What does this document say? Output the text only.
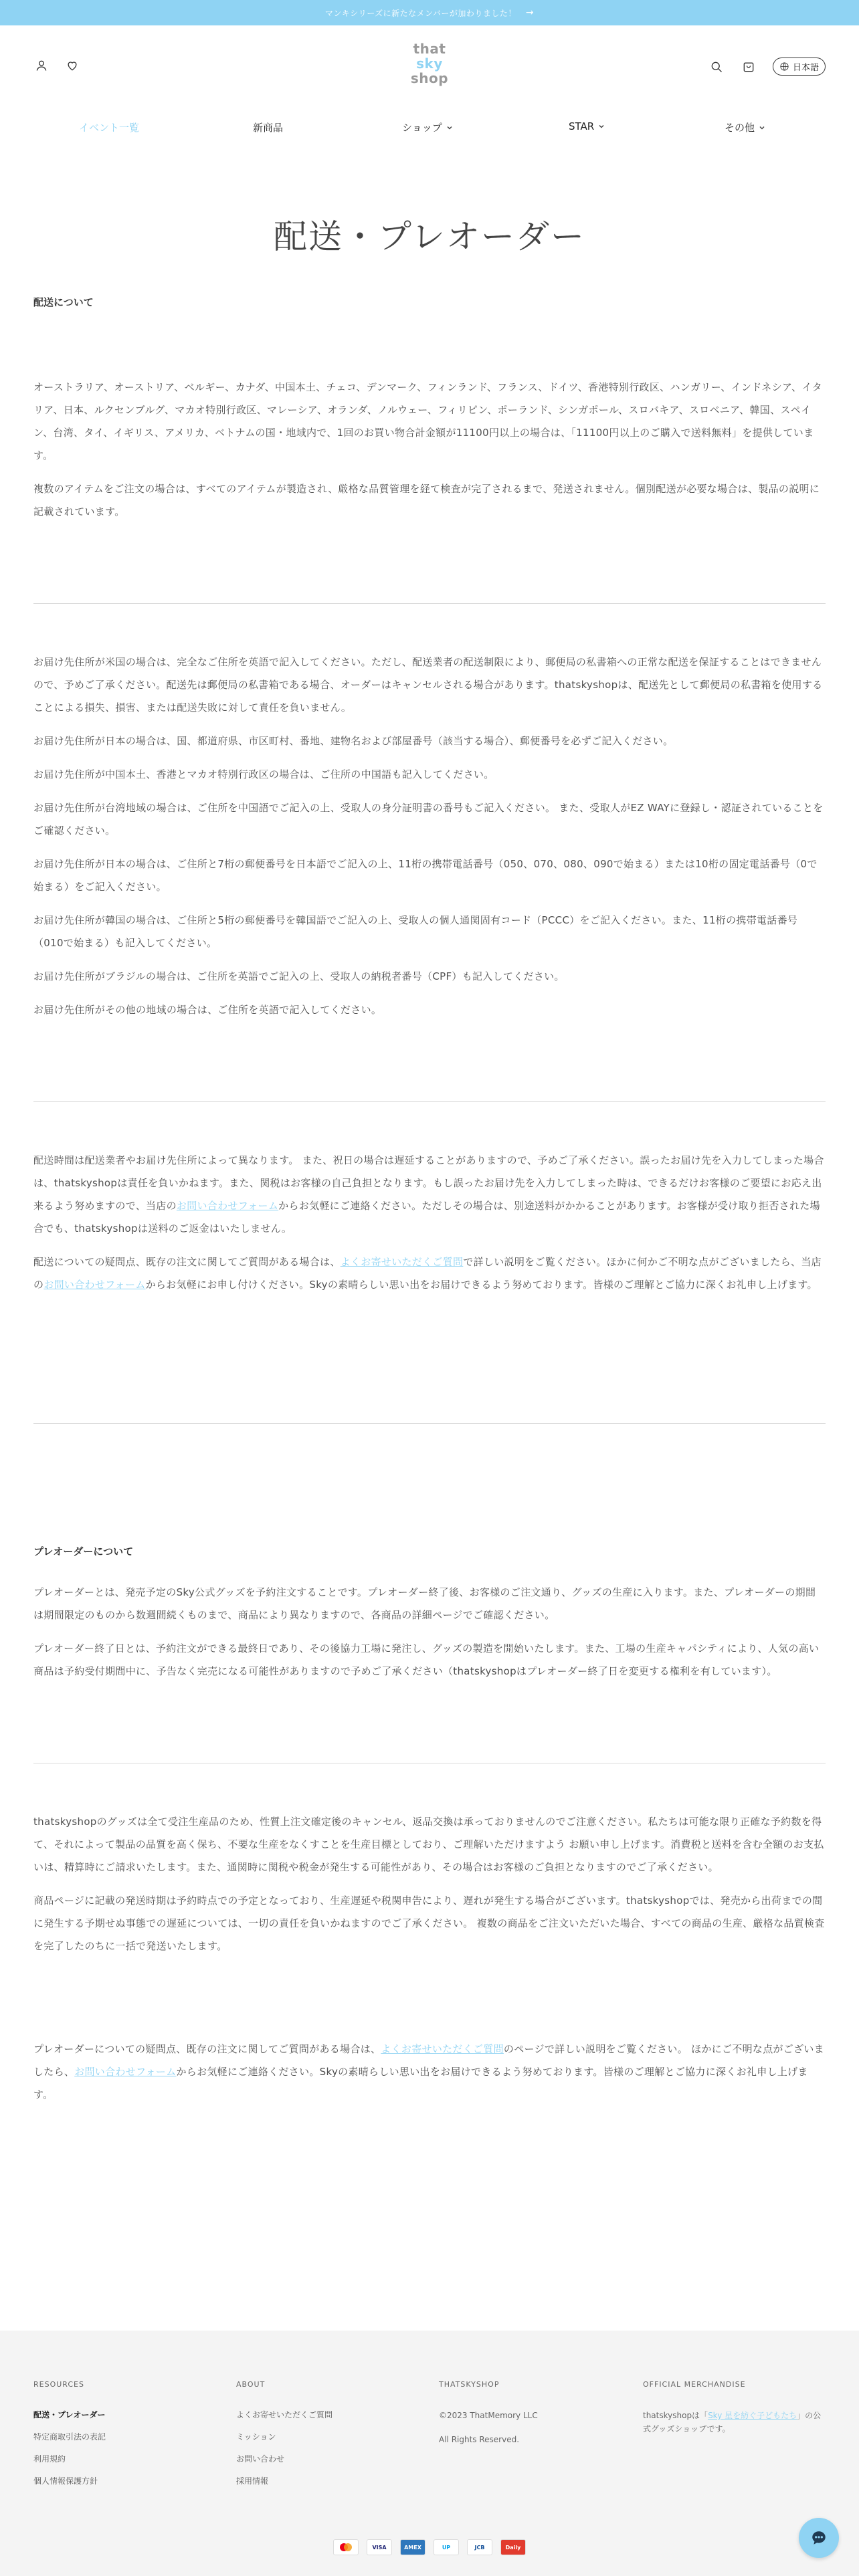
マンキシリーズに新たなメンバーが加わりました！ →
that
sky
shop
日本語
イベント一覧	新商品	ショップ	STAR	その他
配送・プレオーダー
配送について

オーストラリア、オーストリア、ベルギー、カナダ、中国本土、チェコ、デンマーク、フィンランド、フランス、ドイツ、香港特別行政区、ハンガリー、インドネシア、イタリア、日本、ルクセンブルグ、マカオ特別行政区、マレーシア、オランダ、ノルウェー、フィリピン、ポーランド、シンガポール、スロバキア、スロベニア、韓国、スペイン、台湾、タイ、イギリス、アメリカ、ベトナムの国・地域内で、1回のお買い物合計金額が11100円以上の場合は、「11100円以上のご購入で送料無料」を提供しています。

複数のアイテムをご注文の場合は、すべてのアイテムが製造され、厳格な品質管理を経て検査が完了されるまで、発送されません。個別配送が必要な場合は、製品の説明に記載されています。

お届け先住所が米国の場合は、完全なご住所を英語で記入してください。ただし、配送業者の配送制限により、郵便局の私書箱への正常な配送を保証することはできませんので、予めご了承ください。配送先は郵便局の私書箱である場合、オーダーはキャンセルされる場合があります。thatskyshopは、配送先として郵便局の私書箱を使用することによる損失、損害、または配送失敗に対して責任を負いません。

お届け先住所が日本の場合は、国、都道府県、市区町村、番地、建物名および部屋番号（該当する場合）、郵便番号を必ずご記入ください。

お届け先住所が中国本土、香港とマカオ特別行政区の場合は、ご住所の中国語も記入してください。

お届け先住所が台湾地域の場合は、ご住所を中国語でご記入の上、受取人の身分証明書の番号もご記入ください。 また、受取人がEZ WAYに登録し・認証されていることをご確認ください。

お届け先住所が日本の場合は、ご住所と7桁の郵便番号を日本語でご記入の上、11桁の携帯電話番号（050、070、080、090で始まる）または10桁の固定電話番号（0で始まる）をご記入ください。

お届け先住所が韓国の場合は、ご住所と5桁の郵便番号を韓国語でご記入の上、受取人の個人通関固有コード（PCCC）をご記入ください。また、11桁の携帯電話番号（010で始まる）も記入してください。

お届け先住所がブラジルの場合は、ご住所を英語でご記入の上、受取人の納税者番号（CPF）も記入してください。

お届け先住所がその他の地域の場合は、ご住所を英語で記入してください。

配送時間は配送業者やお届け先住所によって異なります。 また、祝日の場合は遅延することがありますので、予めご了承ください。誤ったお届け先を入力してしまった場合は、thatskyshopは責任を負いかねます。また、関税はお客様の自己負担となります。もし誤ったお届け先を入力してしまった時は、できるだけお客様のご要望にお応え出来るよう努めますので、当店のお問い合わせフォームからお気軽にご連絡ください。ただしその場合は、別途送料がかかることがあります。お客様が受け取り拒否された場合でも、thatskyshopは送料のご返金はいたしません。

配送についての疑問点、既存の注文に関してご質問がある場合は、よくお寄せいただくご質問で詳しい説明をご覧ください。ほかに何かご不明な点がございましたら、当店のお問い合わせフォームからお気軽にお申し付けください。Skyの素晴らしい思い出をお届けできるよう努めております。皆様のご理解とご協力に深くお礼申し上げます。

プレオーダーについて

プレオーダーとは、発売予定のSky公式グッズを予約注文することです。プレオーダー終了後、お客様のご注文通り、グッズの生産に入ります。また、プレオーダーの期間は期間限定のものから数週間続くものまで、商品により異なりますので、各商品の詳細ページでご確認ください。

プレオーダー終了日とは、予約注文ができる最終日であり、その後協力工場に発注し、グッズの製造を開始いたします。また、工場の生産キャパシティにより、人気の高い商品は予約受付期間中に、予告なく完売になる可能性がありますので予めご了承ください（thatskyshopはプレオーダー終了日を変更する権利を有しています）。

thatskyshopのグッズは全て受注生産品のため、性質上注文確定後のキャンセル、返品交換は承っておりませんのでご注意ください。私たちは可能な限り正確な予約数を得て、それによって製品の品質を高く保ち、不要な生産をなくすことを生産目標としており、ご理解いただけますよう お願い申し上げます。消費税と送料を含む全額のお支払いは、精算時にご請求いたします。また、通関時に関税や税金が発生する可能性があり、その場合はお客様のご負担となりますのでご了承ください。

商品ページに記載の発送時期は予約時点での予定となっており、生産遅延や税関申告により、遅れが発生する場合がございます。thatskyshopでは、発売から出荷までの間に発生する予期せぬ事態での遅延については、一切の責任を負いかねますのでご了承ください。 複数の商品をご注文いただいた場合、すべての商品の生産、厳格な品質検査を完了したのちに一括で発送いたします。

プレオーダーについての疑問点、既存の注文に関してご質問がある場合は、よくお寄せいただくご質問のページで詳しい説明をご覧ください。 ほかにご不明な点がございましたら、お問い合わせフォームからお気軽にご連絡ください。Skyの素晴らしい思い出をお届けできるよう努めております。皆様のご理解とご協力に深くお礼申し上げます。

RESOURCES
配送・プレオーダー
特定商取引法の表記
利用規約
個人情報保護方針
ABOUT
よくお寄せいただくご質問
ミッション
お問い合わせ
採用情報
THATSKYSHOP
©2023 ThatMemory LLC
All Rights Reserved.
OFFICIAL MERCHANDISE
thatskyshopは「Sky 星を紡ぐ子どもたち」の公式グッズショップです。
VISA	AMEX	UP	JCB	Daily
